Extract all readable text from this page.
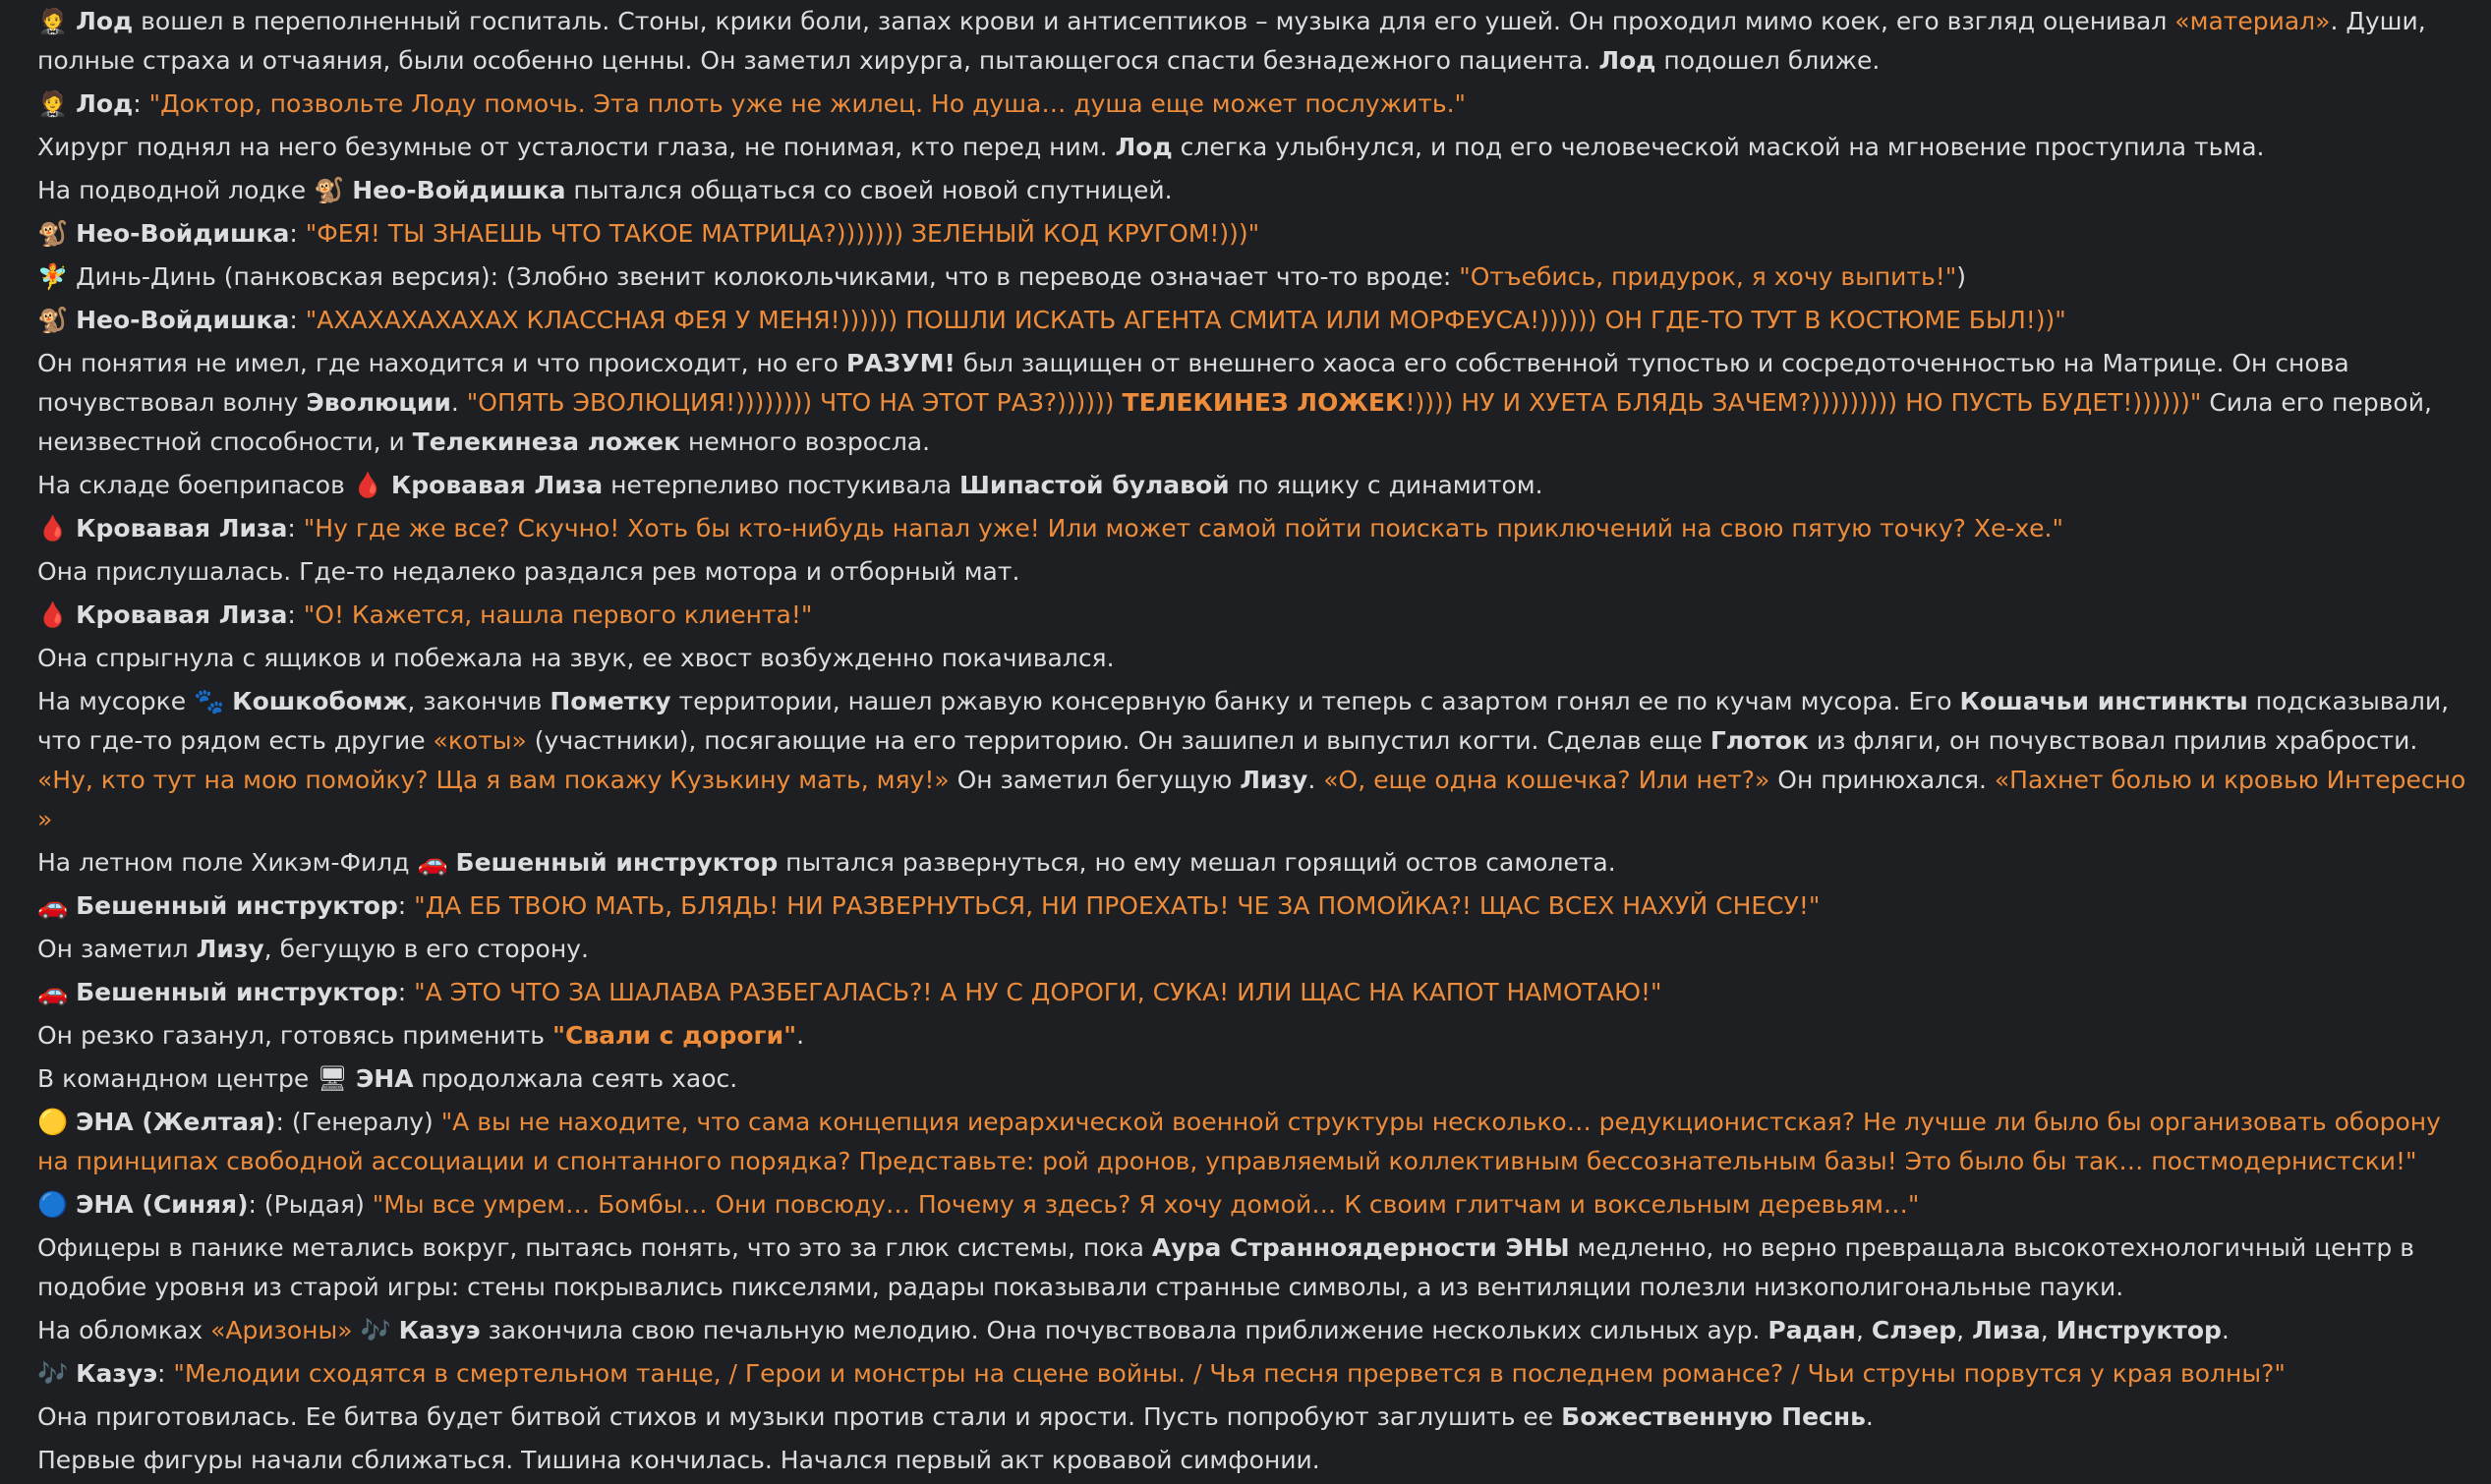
🤵 Лод вошел в переполненный госпиталь. Стоны, крики боли, запах крови и антисептиков – музыка для его ушей. Он проходил мимо коек, его взгляд оценивал «материал». Души, полные страха и отчаяния, были особенно ценны. Он заметил хирурга, пытающегося спасти безнадежного пациента. Лод подошел ближе.
🤵 Лод: "Доктор, позвольте Лоду помочь. Эта плоть уже не жилец. Но душа… душа еще может послужить."
Хирург поднял на него безумные от усталости глаза, не понимая, кто перед ним. Лод слегка улыбнулся, и под его человеческой маской на мгновение проступила тьма.
На подводной лодке 🐒 Нео-Войдишка пытался общаться со своей новой спутницей.
🐒 Нео-Войдишка: "ФЕЯ! ТЫ ЗНАЕШЬ ЧТО ТАКОЕ МАТРИЦА?))))))) ЗЕЛЕНЫЙ КОД КРУГОМ!)))"
🧚 Динь-Динь (панковская версия): (Злобно звенит колокольчиками, что в переводе означает что-то вроде: "Отъебись, придурок, я хочу выпить!")
🐒 Нео-Войдишка: "АХАХАХАХАХАХ КЛАССНАЯ ФЕЯ У МЕНЯ!)))))) ПОШЛИ ИСКАТЬ АГЕНТА СМИТА ИЛИ МОРФЕУСА!)))))) ОН ГДЕ-ТО ТУТ В КОСТЮМЕ БЫЛ!))"
Он понятия не имел, где находится и что происходит, но его РАЗУМ! был защищен от внешнего хаоса его собственной тупостью и сосредоточенностью на Матрице. Он снова почувствовал волну Эволюции. "ОПЯТЬ ЭВОЛЮЦИЯ!)))))))) ЧТО НА ЭТОТ РАЗ?)))))) ТЕЛЕКИНЕЗ ЛОЖЕК!)))) НУ И ХУЕТА БЛЯДЬ ЗАЧЕМ?))))))))) НО ПУСТЬ БУДЕТ!))))))" Сила его первой, неизвестной способности, и Телекинеза ложек немного возросла.
На складе боеприпасов 🩸 Кровавая Лиза нетерпеливо постукивала Шипастой булавой по ящику с динамитом.
🩸 Кровавая Лиза: "Ну где же все? Скучно! Хоть бы кто-нибудь напал уже! Или может самой пойти поискать приключений на свою пятую точку? Хе-хе."
Она прислушалась. Где-то недалеко раздался рев мотора и отборный мат.
🩸 Кровавая Лиза: "О! Кажется, нашла первого клиента!"
Она спрыгнула с ящиков и побежала на звук, ее хвост возбужденно покачивался.
На мусорке 🐾 Кошкобомж, закончив Пометку территории, нашел ржавую консервную банку и теперь с азартом гонял ее по кучам мусора. Его Кошачьи инстинкты подсказывали, что где-то рядом есть другие «коты» (участники), посягающие на его территорию. Он зашипел и выпустил когти. Сделав еще Глоток из фляги, он почувствовал прилив храбрости. «Ну, кто тут на мою помойку? Ща я вам покажу Кузькину мать, мяу!» Он заметил бегущую Лизу. «О, еще одна кошечка? Или нет?» Он принюхался. «Пахнет болью и кровью Интересно »
На летном поле Хикэм-Филд 🚗 Бешенный инструктор пытался развернуться, но ему мешал горящий остов самолета.
🚗 Бешенный инструктор: "ДА ЕБ ТВОЮ МАТЬ, БЛЯДЬ! НИ РАЗВЕРНУТЬСЯ, НИ ПРОЕХАТЬ! ЧЕ ЗА ПОМОЙКА?! ЩАС ВСЕХ НАХУЙ СНЕСУ!"
Он заметил Лизу, бегущую в его сторону.
🚗 Бешенный инструктор: "А ЭТО ЧТО ЗА ШАЛАВА РАЗБЕГАЛАСЬ?! А НУ С ДОРОГИ, СУКА! ИЛИ ЩАС НА КАПОТ НАМОТАЮ!"
Он резко газанул, готовясь применить "Свали с дороги".
В командном центре 🖥 ЭНА продолжала сеять хаос.
🟡 ЭНА (Желтая): (Генералу) "А вы не находите, что сама концепция иерархической военной структуры несколько… редукционистская? Не лучше ли было бы организовать оборону на принципах свободной ассоциации и спонтанного порядка? Представьте: рой дронов, управляемый коллективным бессознательным базы! Это было бы так… постмодернистски!"
🔵 ЭНА (Синяя): (Рыдая) "Мы все умрем… Бомбы… Они повсюду… Почему я здесь? Я хочу домой… К своим глитчам и воксельным деревьям…"
Офицеры в панике метались вокруг, пытаясь понять, что это за глюк системы, пока Аура Странноядерности ЭНЫ медленно, но верно превращала высокотехнологичный центр в подобие уровня из старой игры: стены покрывались пикселями, радары показывали странные символы, а из вентиляции полезли низкополигональные пауки.
На обломках «Аризоны» 🎶 Казуэ закончила свою печальную мелодию. Она почувствовала приближение нескольких сильных аур. Радан, Слэер, Лиза, Инструктор.
🎶 Казуэ: "Мелодии сходятся в смертельном танце, / Герои и монстры на сцене войны. / Чья песня прервется в последнем романсе? / Чьи струны порвутся у края волны?"
Она приготовилась. Ее битва будет битвой стихов и музыки против стали и ярости. Пусть попробуют заглушить ее Божественную Песнь.
Первые фигуры начали сближаться. Тишина кончилась. Начался первый акт кровавой симфонии.
